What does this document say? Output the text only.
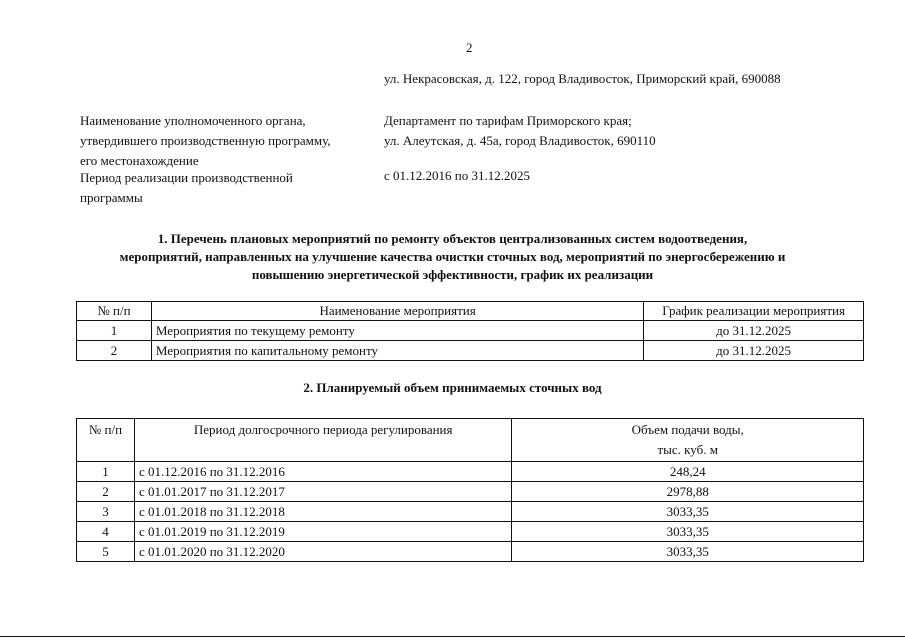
2
ул. Некрасовская, д. 122, город Владивосток, Приморский край, 690088
Наименование уполномоченного органа,
утвердившего производственную программу,
его местонахождение
Департамент по тарифам Приморского края;
ул. Алеутская, д. 45а, город Владивосток, 690110
Период реализации производственной
программы
с 01.12.2016 по 31.12.2025
1. Перечень плановых мероприятий по ремонту объектов централизованных систем водоотведения,
мероприятий, направленных на улучшение качества очистки сточных вод, мероприятий по энергосбережению и
повышению энергетической эффективности, график их реализации
№ п/п	Наименование мероприятия	График реализации мероприятия
1	Мероприятия по текущему ремонту	до 31.12.2025
2	Мероприятия по капитальному ремонту	до 31.12.2025
2. Планируемый объем принимаемых сточных вод
№ п/п	Период долгосрочного периода регулирования	Объем подачи воды,
тыс. куб. м

1	с 01.12.2016 по 31.12.2016	248,24
2	с 01.01.2017 по 31.12.2017	2978,88
3	с 01.01.2018 по 31.12.2018	3033,35
4	с 01.01.2019 по 31.12.2019	3033,35
5	с 01.01.2020 по 31.12.2020	3033,35
